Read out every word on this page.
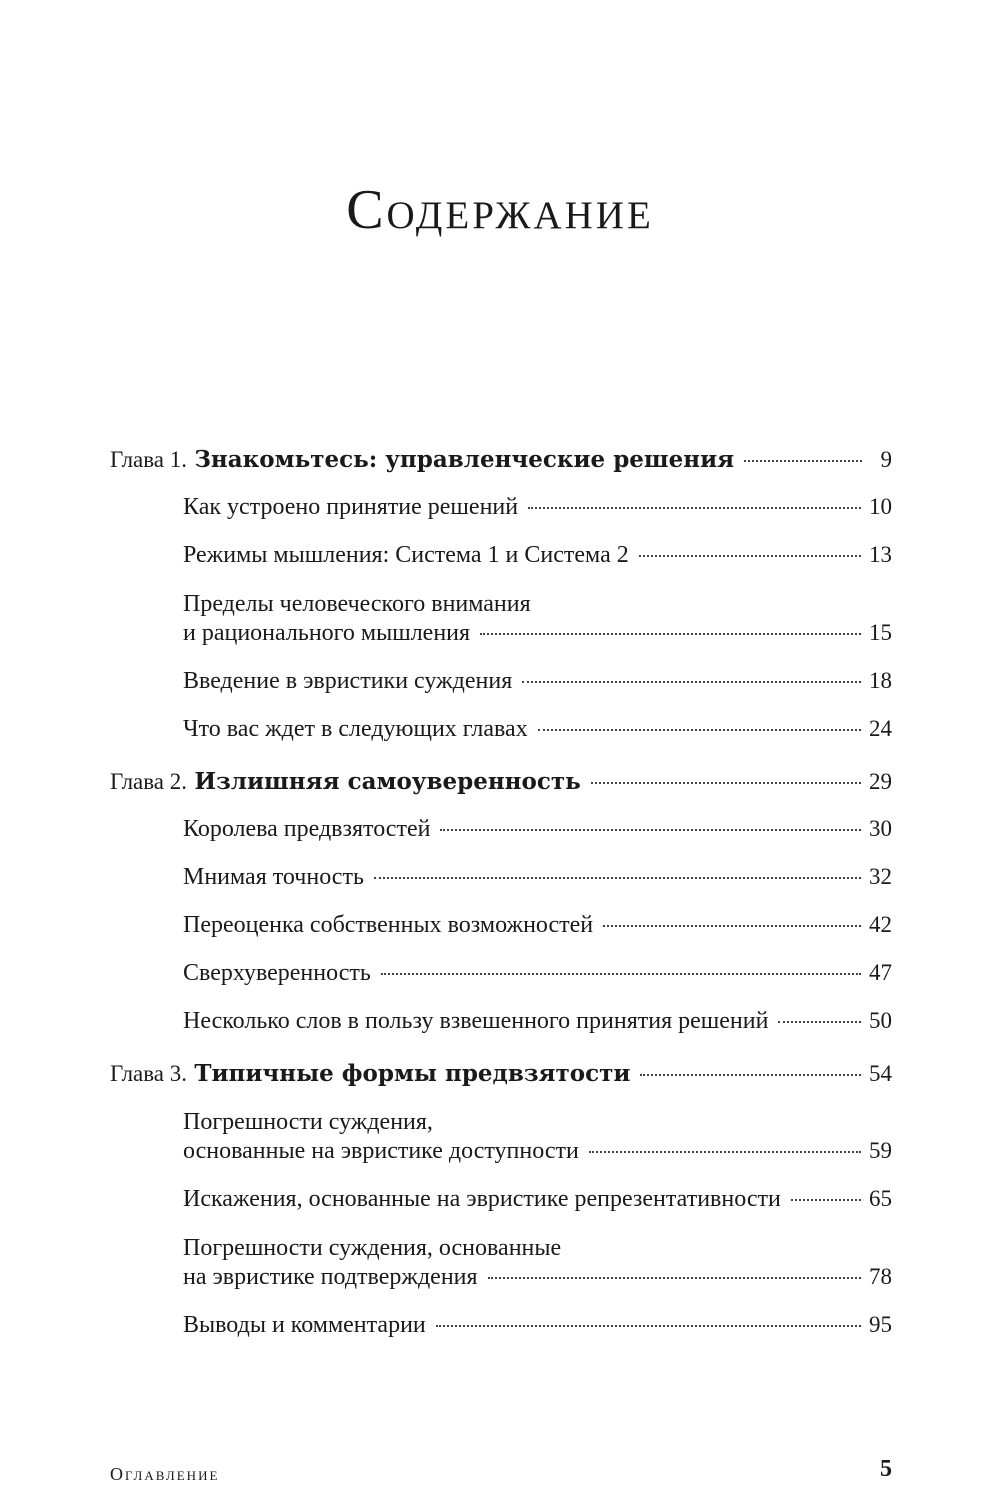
Содержание
Глава 1. Знакомьтесь: управленческие решения	9
Как устроено принятие решений	10
Режимы мышления: Система 1 и Система 2	13
Пределы человеческого внимания
и рационального мышления	15
Введение в эвристики суждения	18
Что вас ждет в следующих главах	24
Глава 2. Излишняя самоуверенность	29
Королева предвзятостей	30
Мнимая точность	32
Переоценка собственных возможностей	42
Сверхуверенность	47
Несколько слов в пользу взвешенного принятия решений	50
Глава 3. Типичные формы предвзятости	54
Погрешности суждения,
основанные на эвристике доступности	59
Искажения, основанные на эвристике репрезентативности	65
Погрешности суждения, основанные
на эвристике подтверждения	78
Выводы и комментарии	95
Оглавление	5
